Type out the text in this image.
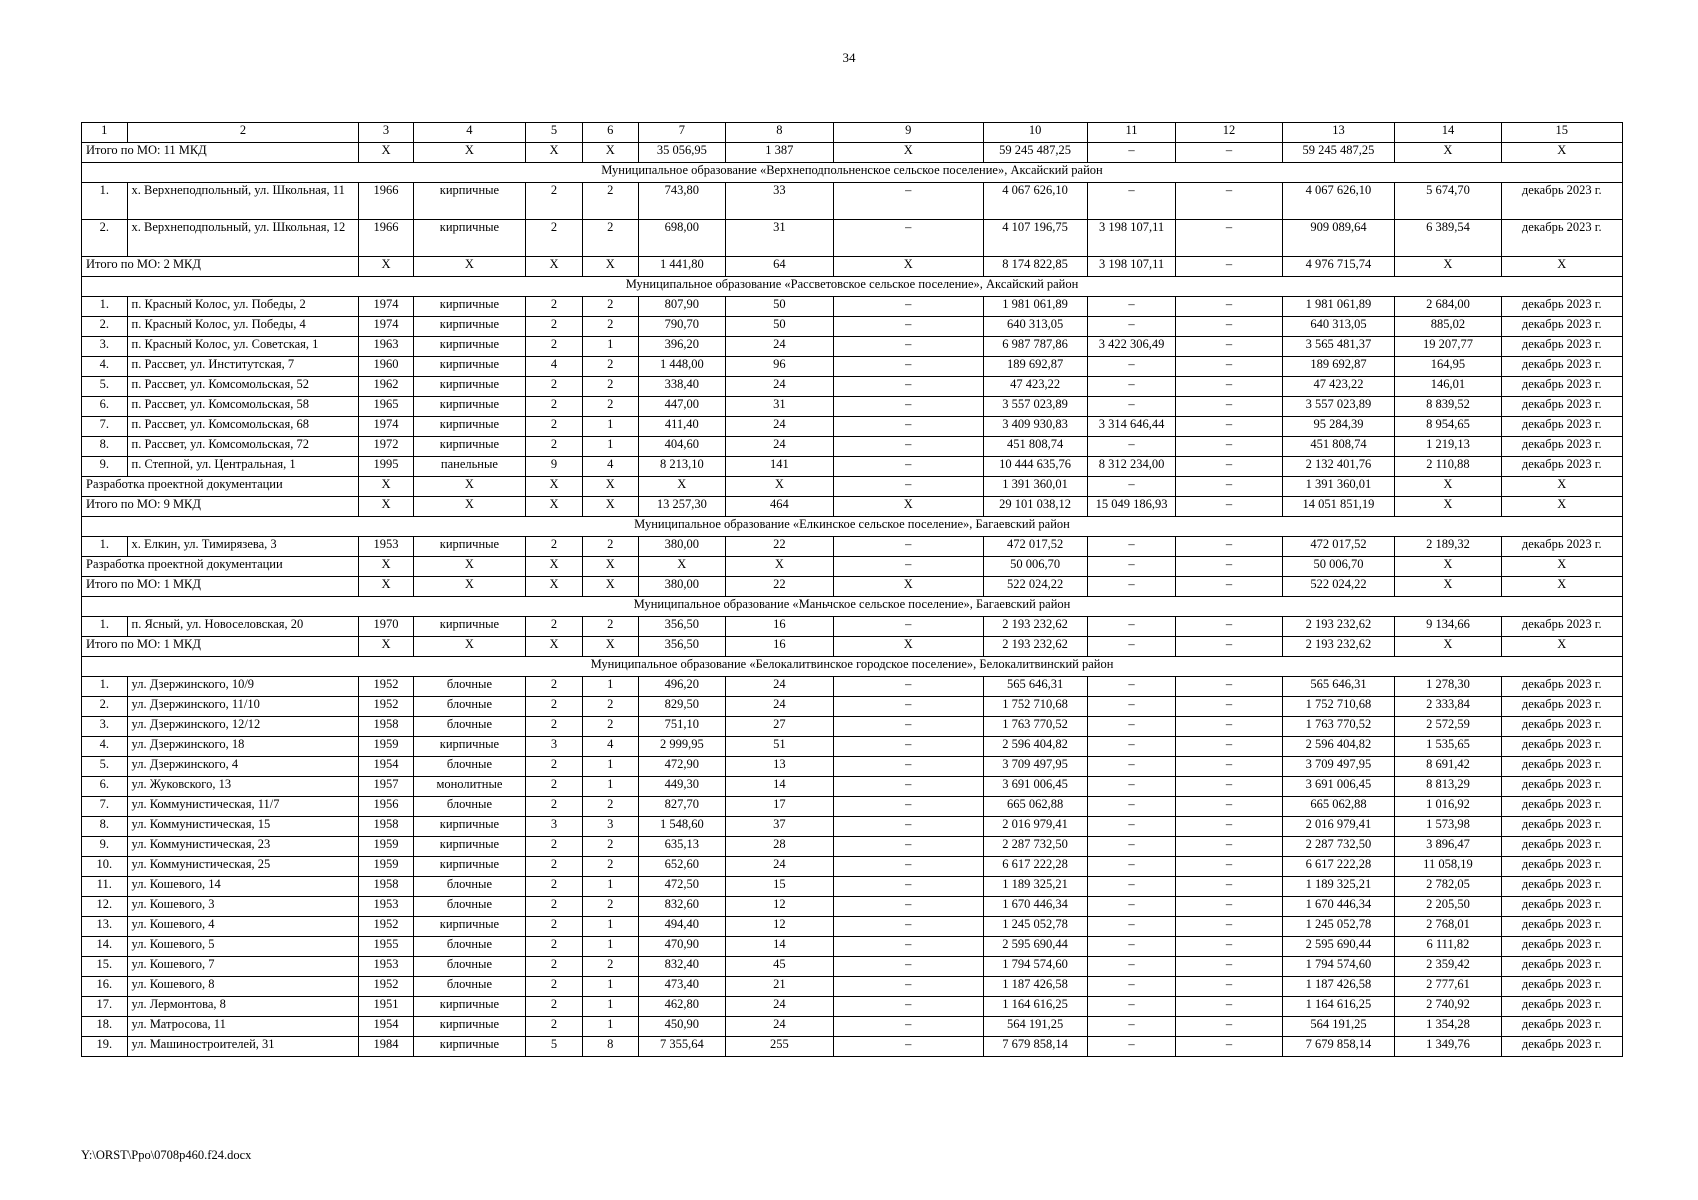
34
1	2	3	4	5	6	7	8	9	10	11	12	13	14	15
Итого по МО: 11 МКД		X	X	X	X	35 056,95	1 387	X	59 245 487,25	–	–	59 245 487,25	X	X
Муниципальное образование «Верхнеподпольненское сельское поселение», Аксайский район														
1.	х. Верхнеподпольный, ул. Школьная, 11	1966	кирпичные	2	2	743,80	33	–	4 067 626,10	–	–	4 067 626,10	5 674,70	декабрь 2023 г.
2.	х. Верхнеподпольный, ул. Школьная, 12	1966	кирпичные	2	2	698,00	31	–	4 107 196,75	3 198 107,11	–	909 089,64	6 389,54	декабрь 2023 г.
Итого по МО: 2 МКД		X	X	X	X	1 441,80	64	X	8 174 822,85	3 198 107,11	–	4 976 715,74	X	X
Муниципальное образование «Рассветовское сельское поселение», Аксайский район														
1.	п. Красный Колос, ул. Победы, 2	1974	кирпичные	2	2	807,90	50	–	1 981 061,89	–	–	1 981 061,89	2 684,00	декабрь 2023 г.
2.	п. Красный Колос, ул. Победы, 4	1974	кирпичные	2	2	790,70	50	–	640 313,05	–	–	640 313,05	885,02	декабрь 2023 г.
3.	п. Красный Колос, ул. Советская, 1	1963	кирпичные	2	1	396,20	24	–	6 987 787,86	3 422 306,49	–	3 565 481,37	19 207,77	декабрь 2023 г.
4.	п. Рассвет, ул. Институтская, 7	1960	кирпичные	4	2	1 448,00	96	–	189 692,87	–	–	189 692,87	164,95	декабрь 2023 г.
5.	п. Рассвет, ул. Комсомольская, 52	1962	кирпичные	2	2	338,40	24	–	47 423,22	–	–	47 423,22	146,01	декабрь 2023 г.
6.	п. Рассвет, ул. Комсомольская, 58	1965	кирпичные	2	2	447,00	31	–	3 557 023,89	–	–	3 557 023,89	8 839,52	декабрь 2023 г.
7.	п. Рассвет, ул. Комсомольская, 68	1974	кирпичные	2	1	411,40	24	–	3 409 930,83	3 314 646,44	–	95 284,39	8 954,65	декабрь 2023 г.
8.	п. Рассвет, ул. Комсомольская, 72	1972	кирпичные	2	1	404,60	24	–	451 808,74	–	–	451 808,74	1 219,13	декабрь 2023 г.
9.	п. Степной, ул. Центральная, 1	1995	панельные	9	4	8 213,10	141	–	10 444 635,76	8 312 234,00	–	2 132 401,76	2 110,88	декабрь 2023 г.
Разработка проектной документации		X	X	X	X	X	X	–	1 391 360,01	–	–	1 391 360,01	X	X
Итого по МО: 9 МКД		X	X	X	X	13 257,30	464	X	29 101 038,12	15 049 186,93	–	14 051 851,19	X	X
Муниципальное образование «Елкинское сельское поселение», Багаевский район														
1.	х. Елкин, ул. Тимирязева, 3	1953	кирпичные	2	2	380,00	22	–	472 017,52	–	–	472 017,52	2 189,32	декабрь 2023 г.
Разработка проектной документации		X	X	X	X	X	X	–	50 006,70	–	–	50 006,70	X	X
Итого по МО: 1 МКД		X	X	X	X	380,00	22	X	522 024,22	–	–	522 024,22	X	X
Муниципальное образование «Маньчское сельское поселение», Багаевский район														
1.	п. Ясный, ул. Новоселовская, 20	1970	кирпичные	2	2	356,50	16	–	2 193 232,62	–	–	2 193 232,62	9 134,66	декабрь 2023 г.
Итого по МО: 1 МКД		X	X	X	X	356,50	16	X	2 193 232,62	–	–	2 193 232,62	X	X
Муниципальное образование «Белокалитвинское городское поселение», Белокалитвинский район														
1.	ул. Дзержинского, 10/9	1952	блочные	2	1	496,20	24	–	565 646,31	–	–	565 646,31	1 278,30	декабрь 2023 г.
2.	ул. Дзержинского, 11/10	1952	блочные	2	2	829,50	24	–	1 752 710,68	–	–	1 752 710,68	2 333,84	декабрь 2023 г.
3.	ул. Дзержинского, 12/12	1958	блочные	2	2	751,10	27	–	1 763 770,52	–	–	1 763 770,52	2 572,59	декабрь 2023 г.
4.	ул. Дзержинского, 18	1959	кирпичные	3	4	2 999,95	51	–	2 596 404,82	–	–	2 596 404,82	1 535,65	декабрь 2023 г.
5.	ул. Дзержинского, 4	1954	блочные	2	1	472,90	13	–	3 709 497,95	–	–	3 709 497,95	8 691,42	декабрь 2023 г.
6.	ул. Жуковского, 13	1957	монолитные	2	1	449,30	14	–	3 691 006,45	–	–	3 691 006,45	8 813,29	декабрь 2023 г.
7.	ул. Коммунистическая, 11/7	1956	блочные	2	2	827,70	17	–	665 062,88	–	–	665 062,88	1 016,92	декабрь 2023 г.
8.	ул. Коммунистическая, 15	1958	кирпичные	3	3	1 548,60	37	–	2 016 979,41	–	–	2 016 979,41	1 573,98	декабрь 2023 г.
9.	ул. Коммунистическая, 23	1959	кирпичные	2	2	635,13	28	–	2 287 732,50	–	–	2 287 732,50	3 896,47	декабрь 2023 г.
10.	ул. Коммунистическая, 25	1959	кирпичные	2	2	652,60	24	–	6 617 222,28	–	–	6 617 222,28	11 058,19	декабрь 2023 г.
11.	ул. Кошевого, 14	1958	блочные	2	1	472,50	15	–	1 189 325,21	–	–	1 189 325,21	2 782,05	декабрь 2023 г.
12.	ул. Кошевого, 3	1953	блочные	2	2	832,60	12	–	1 670 446,34	–	–	1 670 446,34	2 205,50	декабрь 2023 г.
13.	ул. Кошевого, 4	1952	кирпичные	2	1	494,40	12	–	1 245 052,78	–	–	1 245 052,78	2 768,01	декабрь 2023 г.
14.	ул. Кошевого, 5	1955	блочные	2	1	470,90	14	–	2 595 690,44	–	–	2 595 690,44	6 111,82	декабрь 2023 г.
15.	ул. Кошевого, 7	1953	блочные	2	2	832,40	45	–	1 794 574,60	–	–	1 794 574,60	2 359,42	декабрь 2023 г.
16.	ул. Кошевого, 8	1952	блочные	2	1	473,40	21	–	1 187 426,58	–	–	1 187 426,58	2 777,61	декабрь 2023 г.
17.	ул. Лермонтова, 8	1951	кирпичные	2	1	462,80	24	–	1 164 616,25	–	–	1 164 616,25	2 740,92	декабрь 2023 г.
18.	ул. Матросова, 11	1954	кирпичные	2	1	450,90	24	–	564 191,25	–	–	564 191,25	1 354,28	декабрь 2023 г.
19.	ул. Машиностроителей, 31	1984	кирпичные	5	8	7 355,64	255	–	7 679 858,14	–	–	7 679 858,14	1 349,76	декабрь 2023 г.
Y:\ORST\Ppo\0708p460.f24.docx
